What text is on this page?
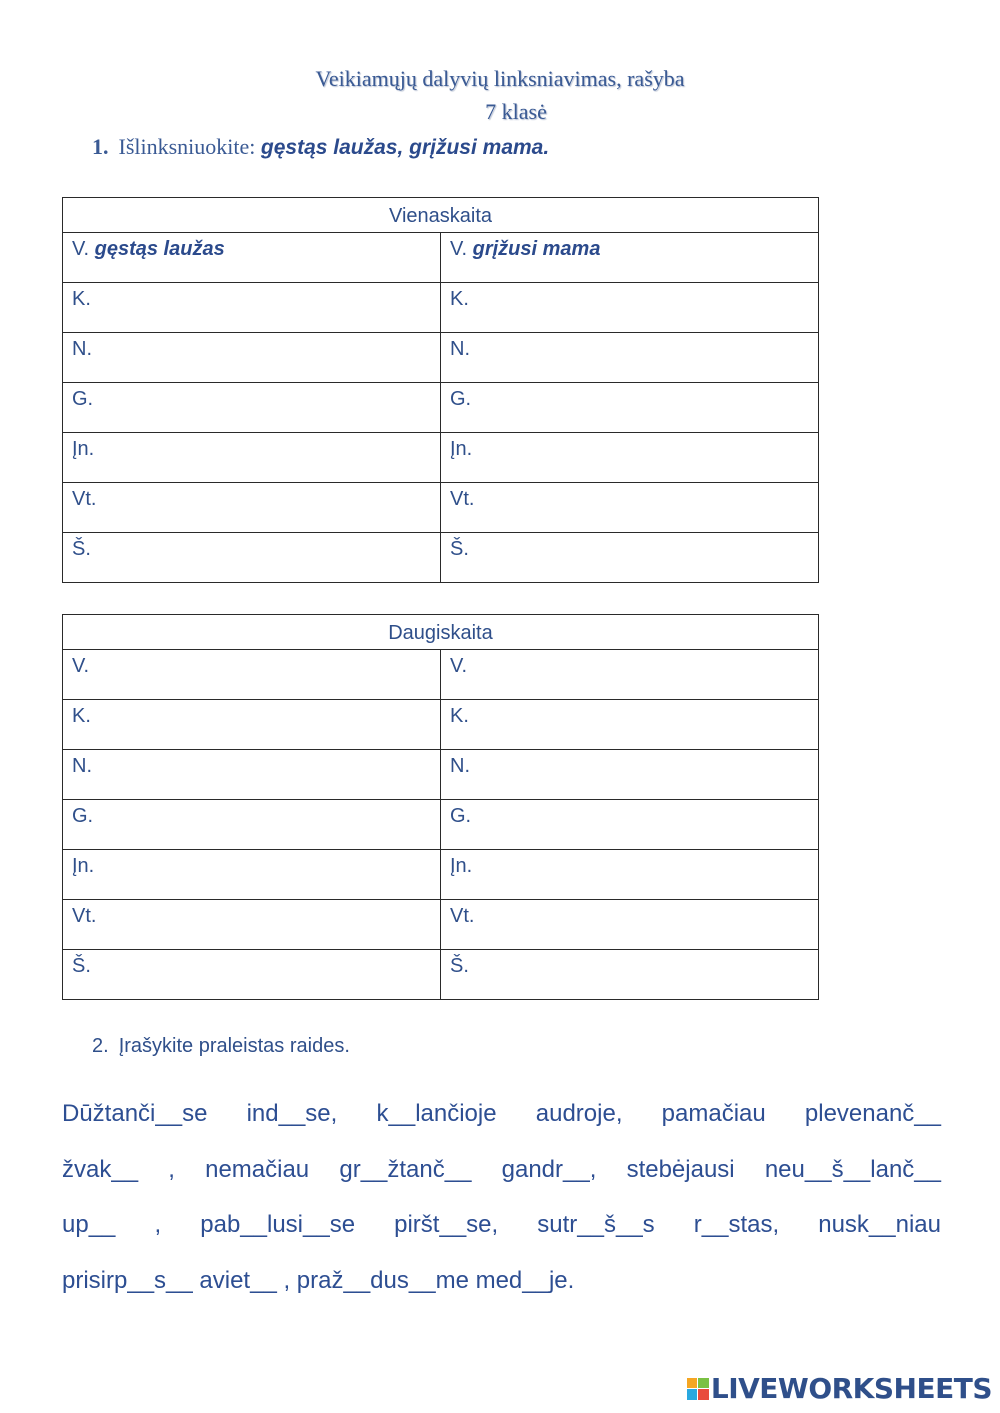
Veikiamųjų dalyvių linksniavimas, rašyba
7 klasė
1. Išlinksniuokite: gęstąs laužas, grįžusi mama.
Vienaskaita	
V. gęstąs laužas	V. grįžusi mama
K.	K.
N.	N.
G.	G.
Įn.	Įn.
Vt.	Vt.
Š.	Š.
Daugiskaita	
V.	V.
K.	K.
N.	N.
G.	G.
Įn.	Įn.
Vt.	Vt.
Š.	Š.
2. Įrašykite praleistas raides.
Dūžtanči__se ind__se, k__lančioje audroje, pamačiau plevenanč__
žvak__ , nemačiau gr__žtanč__ gandr__, stebėjausi neu__š__lanč__
up__ , pab__lusi__se piršt__se, sutr__š__s r__stas, nusk__niau
prisirp__s__ aviet__ , praž__dus__me med__je.
LIVEWORKSHEETS
